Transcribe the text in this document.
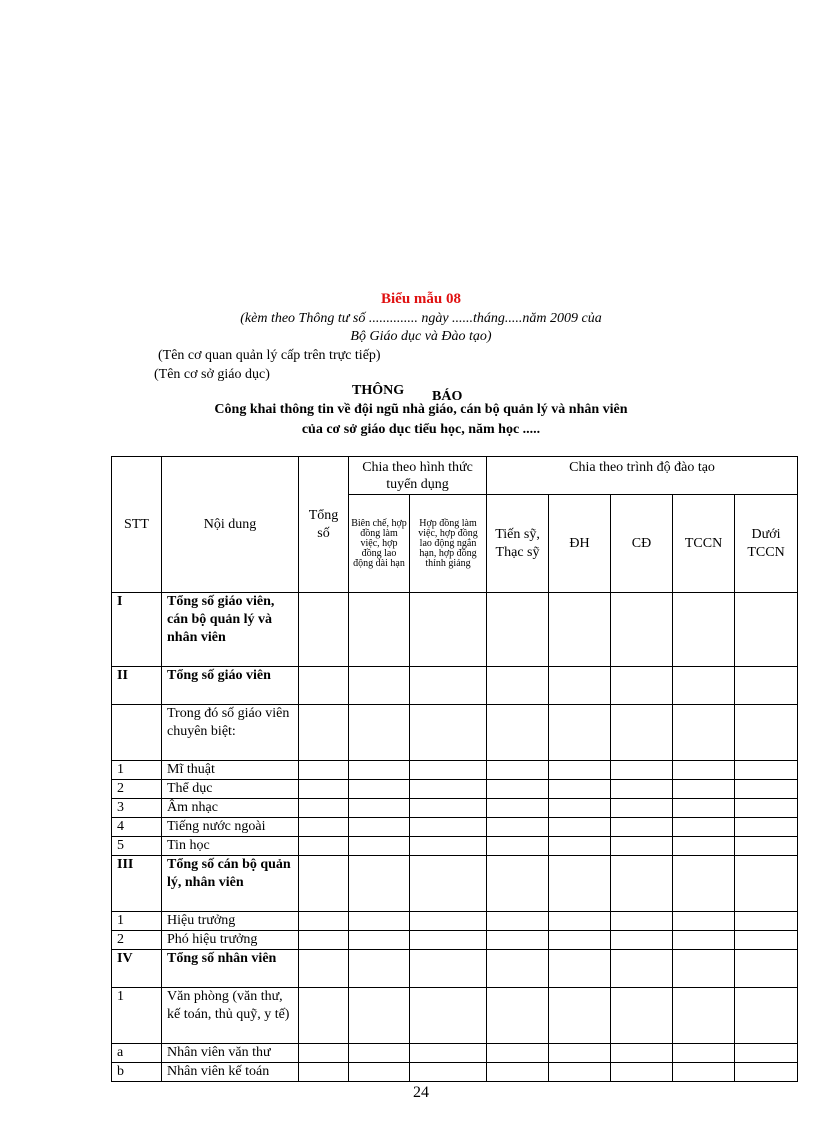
Biểu mẫu 08
(kèm theo Thông tư số .............. ngày ......tháng.....năm 2009 của
Bộ Giáo dục và Đào tạo)
(Tên cơ quan quản lý cấp trên trực tiếp)
(Tên cơ sở giáo dục)
THÔNG BÁO
Công khai thông tin về đội ngũ nhà giáo, cán bộ quản lý và nhân viên
của cơ sở giáo dục tiểu học, năm học .....
STT	Nội dung	Tổng số	Chia theo hình thức tuyển dụng		Chia theo trình độ đào tạo				
			Biên chế, hợp đồng làm việc, hợp đồng lao động dài hạn	Hợp đồng làm việc, hợp đồng lao động ngắn hạn, hợp đồng thỉnh giảng	Tiến sỹ, Thạc sỹ	ĐH	CĐ	TCCN	Dưới TCCN
I	Tổng số giáo viên, cán bộ quản lý và nhân viên								
II	Tổng số giáo viên								
	Trong đó số giáo viên chuyên biệt:								
1	Mĩ thuật								
2	Thể dục								
3	Âm nhạc								
4	Tiếng nước ngoài								
5	Tin học								
III	Tổng số cán bộ quản lý, nhân viên								
1	Hiệu trưởng								
2	Phó hiệu trưởng								
IV	Tổng số nhân viên								
1	Văn phòng (văn thư, kế toán, thủ quỹ, y tế)								
a	Nhân viên văn thư								
b	Nhân viên kế toán								
24
